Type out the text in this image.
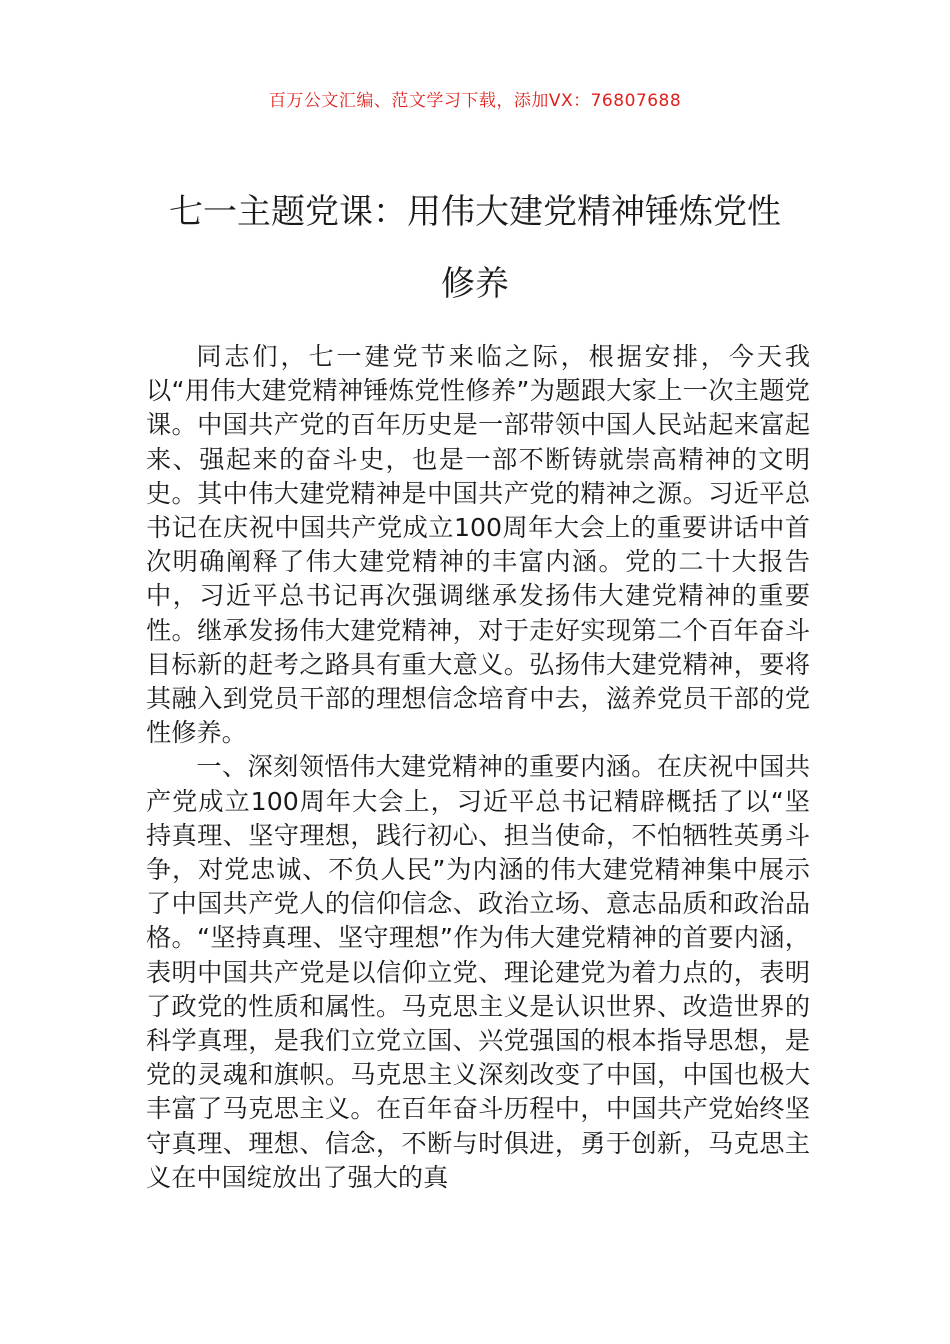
百万公文汇编、范文学习下载，添加VX：76807688
七一主题党课：用伟大建党精神锤炼党性
修养

同志们，七一建党节来临之际，根据安排，今天我以“用伟大建党精神锤炼党性修养”为题跟大家上一次主题党课。中国共产党的百年历史是一部带领中国人民站起来富起来、强起来的奋斗史，也是一部不断铸就崇高精神的文明史。其中伟大建党精神是中国共产党的精神之源。习近平总书记在庆祝中国共产党成立100周年大会上的重要讲话中首次明确阐释了伟大建党精神的丰富内涵。党的二十大报告中，习近平总书记再次强调继承发扬伟大建党精神的重要性。继承发扬伟大建党精神，对于走好实现第二个百年奋斗目标新的赶考之路具有重大意义。弘扬伟大建党精神，要将其融入到党员干部的理想信念培育中去，滋养党员干部的党性修养。

一、深刻领悟伟大建党精神的重要内涵。在庆祝中国共产党成立100周年大会上，习近平总书记精辟概括了以“坚持真理、坚守理想，践行初心、担当使命，不怕牺牲英勇斗争，对党忠诚、不负人民”为内涵的伟大建党精神集中展示了中国共产党人的信仰信念、政治立场、意志品质和政治品格。“坚持真理、坚守理想”作为伟大建党精神的首要内涵，表明中国共产党是以信仰立党、理论建党为着力点的，表明了政党的性质和属性。马克思主义是认识世界、改造世界的科学真理，是我们立党立国、兴党强国的根本指导思想，是党的灵魂和旗帜。马克思主义深刻改变了中国，中国也极大丰富了马克思主义。在百年奋斗历程中，中国共产党始终坚守真理、理想、信念，不断与时俱进，勇于创新，马克思主义在中国绽放出了强大的真
